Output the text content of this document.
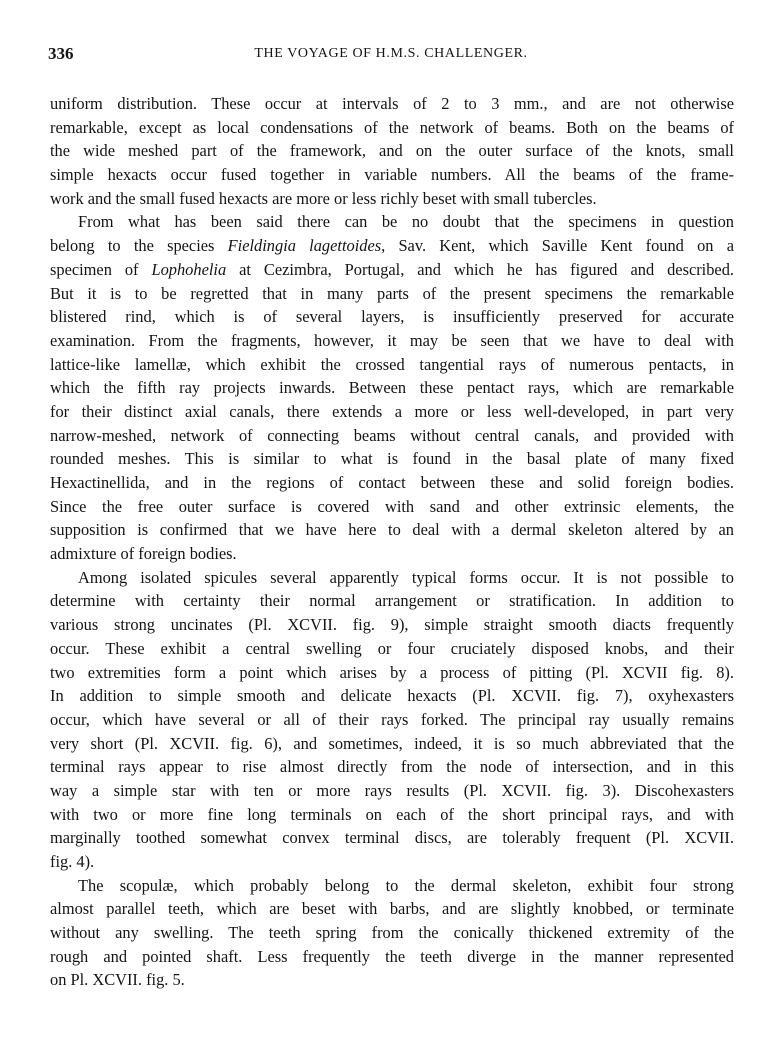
336	THE VOYAGE OF H.M.S. CHALLENGER.
uniform distribution. These occur at intervals of 2 to 3 mm., and are not otherwise
remarkable, except as local condensations of the network of beams. Both on the beams of
the wide meshed part of the framework, and on the outer surface of the knots, small
simple hexacts occur fused together in variable numbers. All the beams of the frame-
work and the small fused hexacts are more or less richly beset with small tubercles.
From what has been said there can be no doubt that the specimens in question
belong to the species Fieldingia lagettoides, Sav. Kent, which Saville Kent found on a
specimen of Lophohelia at Cezimbra, Portugal, and which he has figured and described.
But it is to be regretted that in many parts of the present specimens the remarkable
blistered rind, which is of several layers, is insufficiently preserved for accurate
examination. From the fragments, however, it may be seen that we have to deal with
lattice-like lamellæ, which exhibit the crossed tangential rays of numerous pentacts, in
which the fifth ray projects inwards. Between these pentact rays, which are remarkable
for their distinct axial canals, there extends a more or less well-developed, in part very
narrow-meshed, network of connecting beams without central canals, and provided with
rounded meshes. This is similar to what is found in the basal plate of many fixed
Hexactinellida, and in the regions of contact between these and solid foreign bodies.
Since the free outer surface is covered with sand and other extrinsic elements, the
supposition is confirmed that we have here to deal with a dermal skeleton altered by an
admixture of foreign bodies.
Among isolated spicules several apparently typical forms occur. It is not possible to
determine with certainty their normal arrangement or stratification. In addition to
various strong uncinates (Pl. XCVII. fig. 9), simple straight smooth diacts frequently
occur. These exhibit a central swelling or four cruciately disposed knobs, and their
two extremities form a point which arises by a process of pitting (Pl. XCVII fig. 8).
In addition to simple smooth and delicate hexacts (Pl. XCVII. fig. 7), oxyhexasters
occur, which have several or all of their rays forked. The principal ray usually remains
very short (Pl. XCVII. fig. 6), and sometimes, indeed, it is so much abbreviated that the
terminal rays appear to rise almost directly from the node of intersection, and in this
way a simple star with ten or more rays results (Pl. XCVII. fig. 3). Discohexasters
with two or more fine long terminals on each of the short principal rays, and with
marginally toothed somewhat convex terminal discs, are tolerably frequent (Pl. XCVII.
fig. 4).
The scopulæ, which probably belong to the dermal skeleton, exhibit four strong
almost parallel teeth, which are beset with barbs, and are slightly knobbed, or terminate
without any swelling. The teeth spring from the conically thickened extremity of the
rough and pointed shaft. Less frequently the teeth diverge in the manner represented
on Pl. XCVII. fig. 5.
